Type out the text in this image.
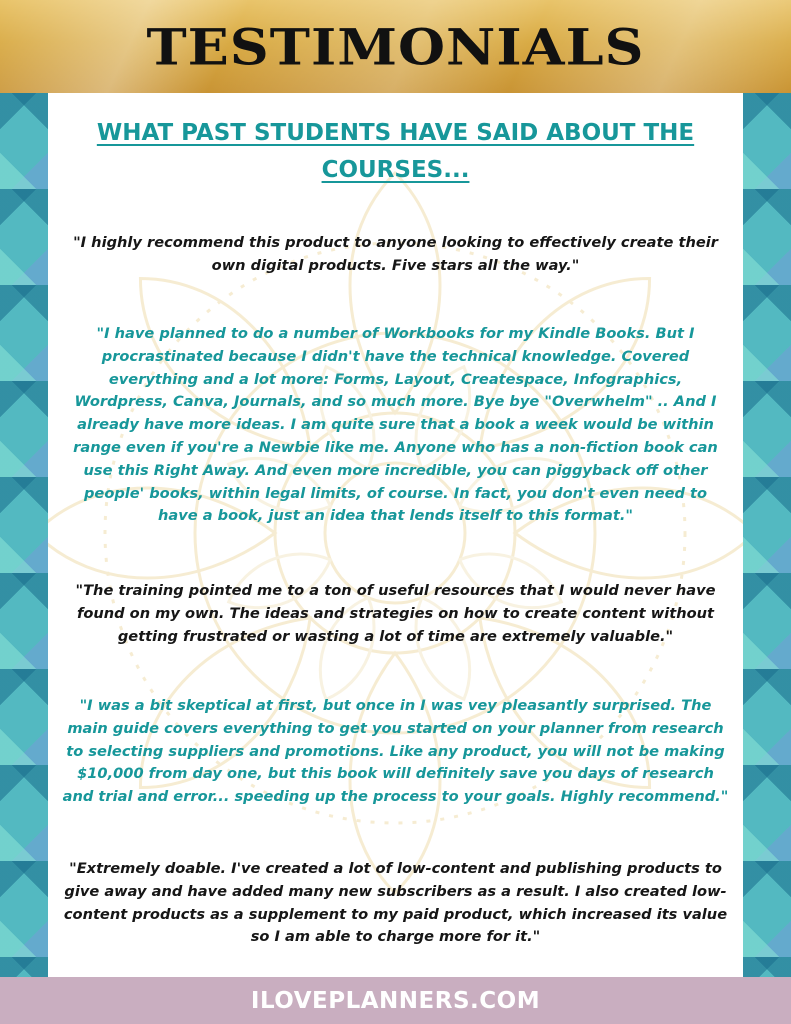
TESTIMONIALS
WHAT PAST STUDENTS HAVE SAID ABOUT THE COURSES...

"I highly recommend this product to anyone looking to effectively create their own digital products. Five stars all the way."

"I have planned to do a number of Workbooks for my Kindle Books. But I procrastinated because I didn't have the technical knowledge. Covered everything and a lot more: Forms, Layout, Createspace, Infographics, Wordpress, Canva, Journals, and so much more. Bye bye "Overwhelm" .. And I already have more ideas. I am quite sure that a book a week would be within range even if you're a Newbie like me. Anyone who has a non-fiction book can use this Right Away. And even more incredible, you can piggyback off other people' books, within legal limits, of course. In fact, you don't even need to have a book, just an idea that lends itself to this format."

"The training pointed me to a ton of useful resources that I would never have found on my own. The ideas and strategies on how to create content without getting frustrated or wasting a lot of time are extremely valuable."

"I was a bit skeptical at first, but once in I was vey pleasantly surprised. The main guide covers everything to get you started on your planner from research to selecting suppliers and promotions. Like any product, you will not be making $10,000 from day one, but this book will definitely save you days of research and trial and error... speeding up the process to your goals. Highly recommend."

"Extremely doable. I've created a lot of low-content and publishing products to give away and have added many new subscribers as a result. I also created low-content products as a supplement to my paid product, which increased its value so I am able to charge more for it."

ILOVEPLANNERS.COM
